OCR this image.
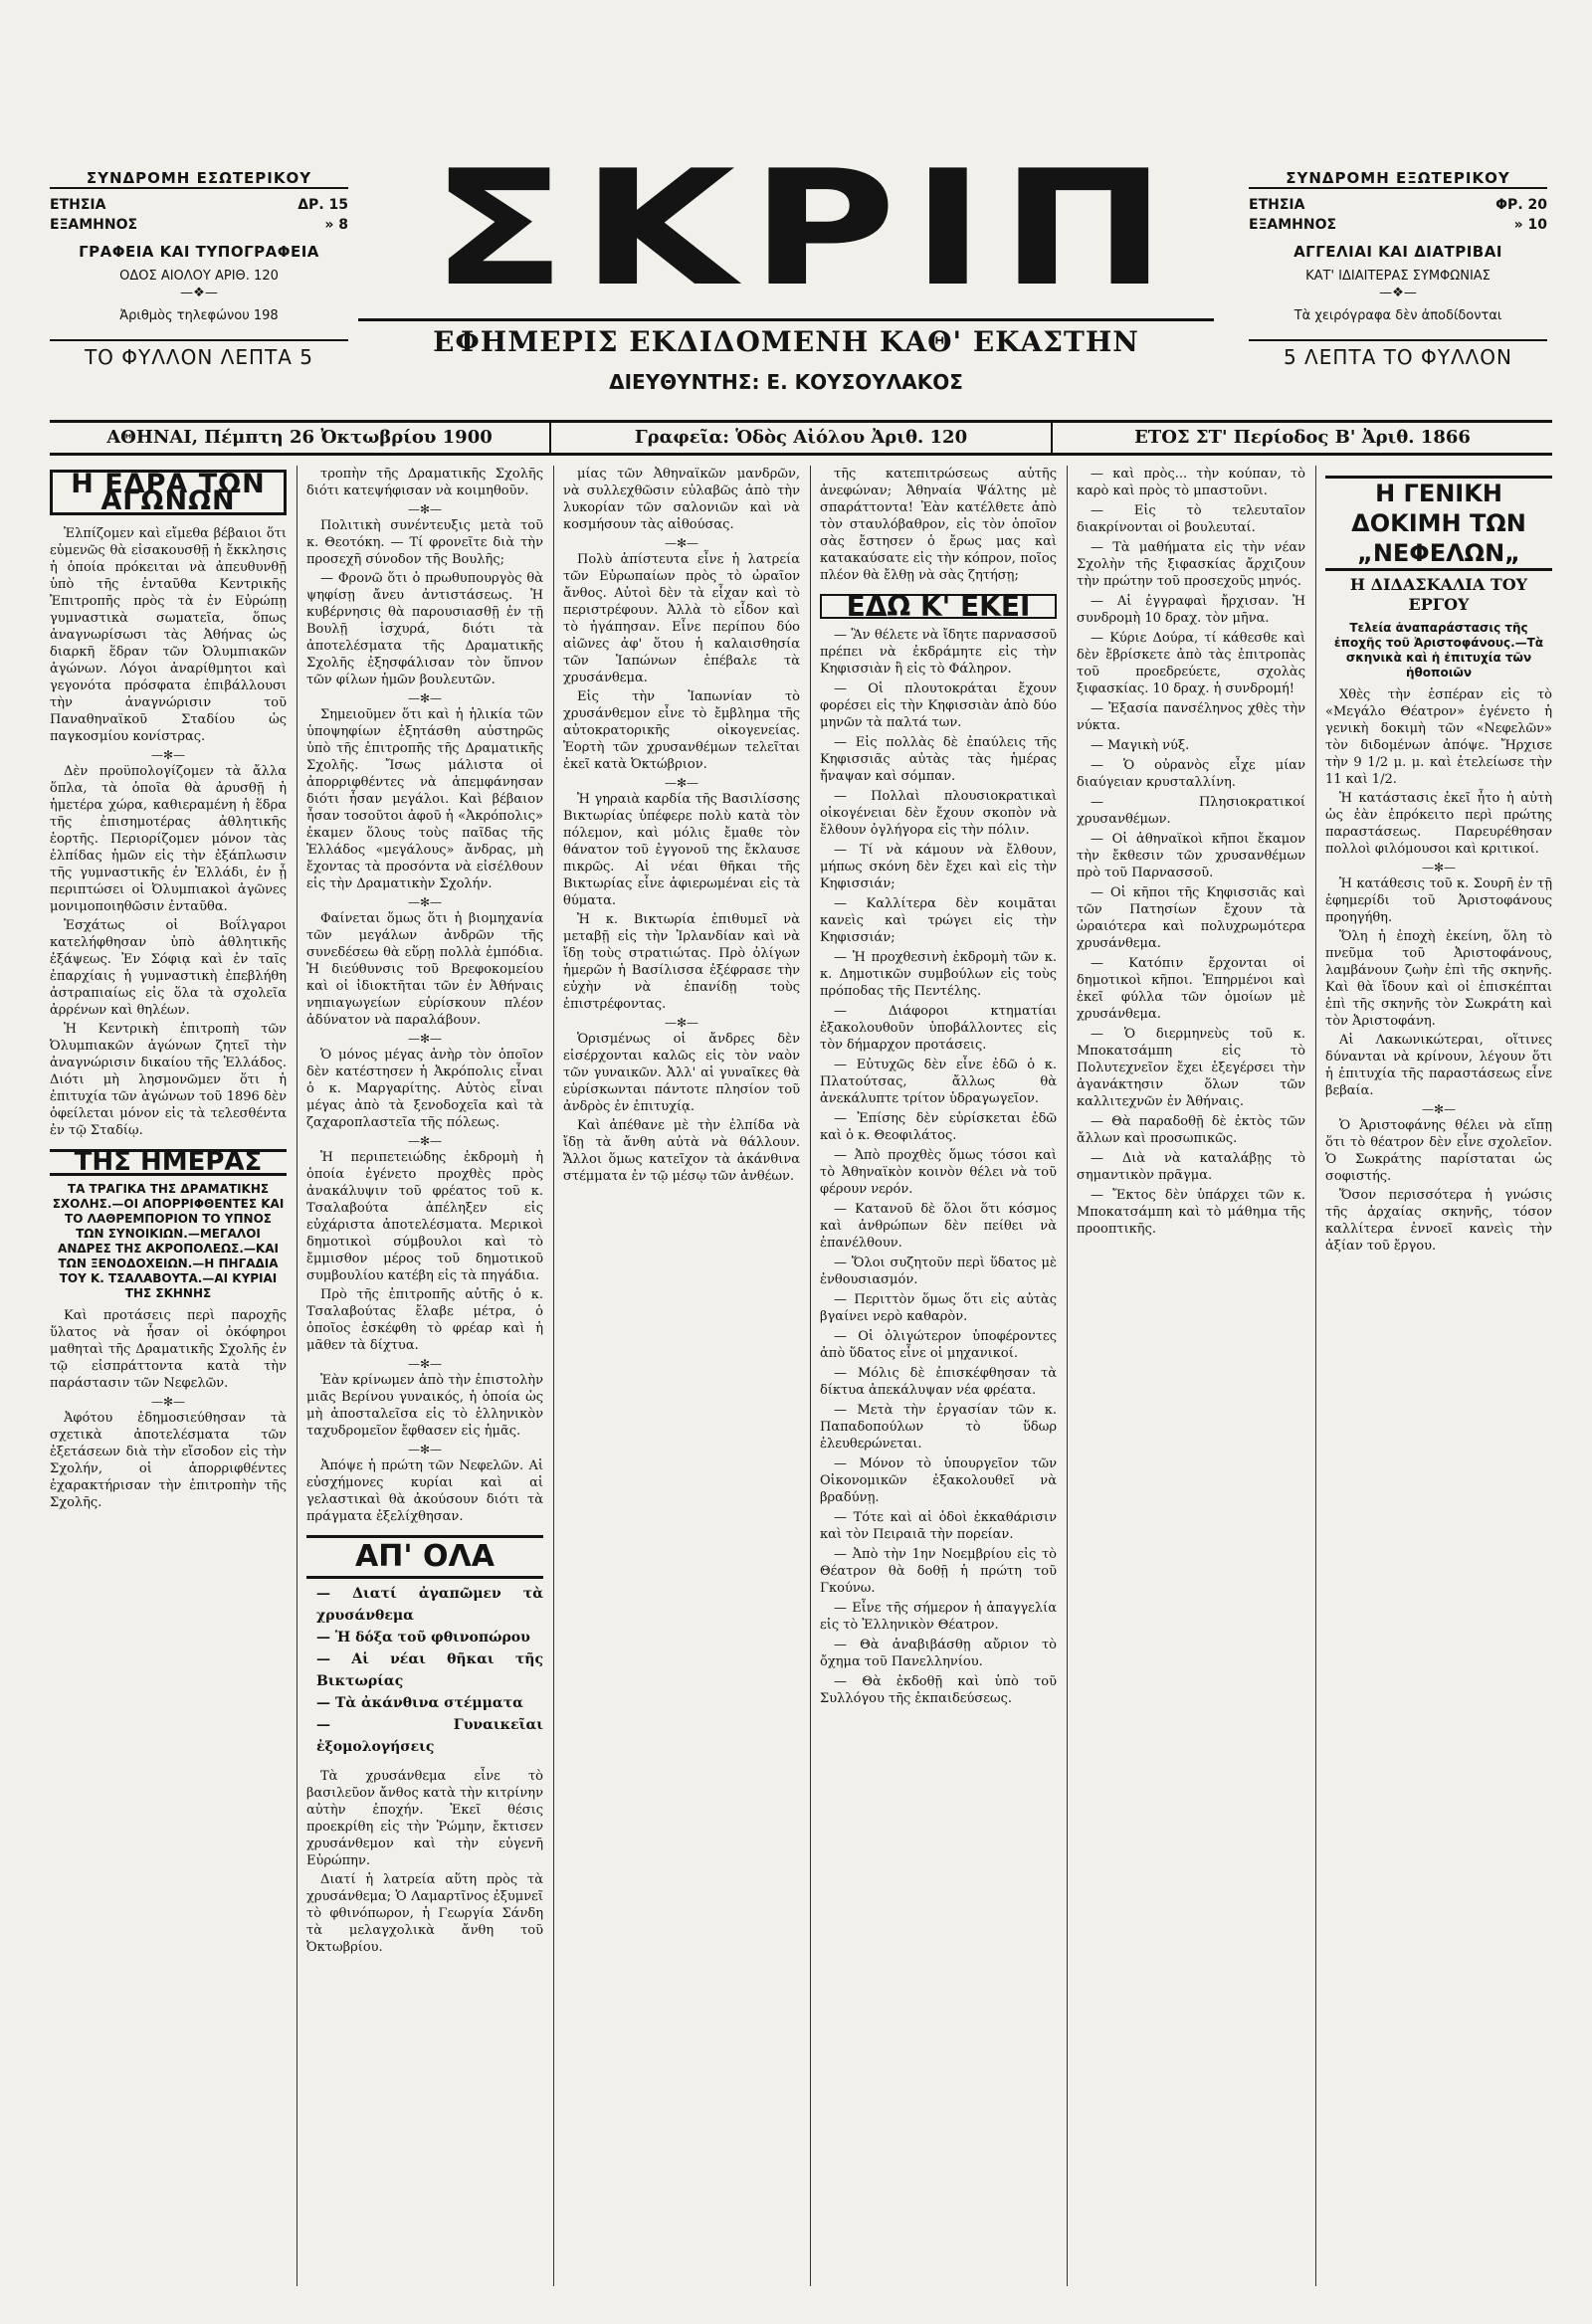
ΣΥΝΔΡΟΜΗ ΕΣΩΤΕΡΙΚΟΥ
ΕΤΗΣΙΑ	ΔΡ. 15
ΕΞΑΜΗΝΟΣ	» 8
ΓΡΑΦΕΙΑ ΚΑΙ ΤΥΠΟΓΡΑΦΕΙΑ
ΟΔΟΣ ΑΙΟΛΟΥ ΑΡΙΘ. 120
—❖—
Ἀριθμὸς τηλεφώνου 198
ΤΟ ΦΥΛΛΟΝ ΛΕΠΤΑ 5
ΣΚΡΙΠ
ΕΦΗΜΕΡΙΣ ΕΚΔΙΔΟΜΕΝΗ ΚΑΘ' ΕΚΑΣΤΗΝ
ΔΙΕΥΘΥΝΤΗΣ: Ε. ΚΟΥΣΟΥΛΑΚΟΣ
ΣΥΝΔΡΟΜΗ ΕΞΩΤΕΡΙΚΟΥ
ΕΤΗΣΙΑ	ΦΡ. 20
ΕΞΑΜΗΝΟΣ	» 10
ΑΓΓΕΛΙΑΙ ΚΑΙ ΔΙΑΤΡΙΒΑΙ
ΚΑΤ' ΙΔΙΑΙΤΕΡΑΣ ΣΥΜΦΩΝΙΑΣ
—❖—
Τὰ χειρόγραφα δὲν ἀποδίδονται
5 ΛΕΠΤΑ ΤΟ ΦΥΛΛΟΝ
ΑΘΗΝΑΙ, Πέμπτη 26 Ὀκτωβρίου 1900	Γραφεῖα: Ὁδὸς Αἰόλου Ἀριθ. 120	ΕΤΟΣ ΣΤ' Περίοδος Β' Ἀριθ. 1866
Η ΕΔΡΑ ΤΩΝ ΑΓΩΝΩΝ

Ἐλπίζομεν καὶ εἴμεθα βέβαιοι ὅτι εὑμενῶς θὰ εἰσακουσθῇ ἡ ἔκκλησις ἡ ὁποία πρόκειται νὰ ἀπευθυνθῇ ὑπὸ τῆς ἐνταῦθα Κεντρικῆς Ἐπιτροπῆς πρὸς τὰ ἐν Εὐρώπῃ γυμναστικὰ σωματεῖα, ὅπως ἀναγνωρίσωσι τὰς Ἀθήνας ὡς διαρκῆ ἕδραν τῶν Ὀλυμπιακῶν ἀγώνων. Λόγοι ἀναρίθμητοι καὶ γεγονότα πρόσφατα ἐπιβάλλουσι τὴν ἀναγνώρισιν τοῦ Παναθηναϊκοῦ Σταδίου ὡς παγκοσμίου κονίστρας.

—✻—

Δὲν προϋπολογίζομεν τὰ ἄλλα ὅπλα, τὰ ὁποῖα θὰ ἀρυσθῇ ἡ ἡμετέρα χώρα, καθιεραμένη ἡ ἕδρα τῆς ἐπισημοτέρας ἀθλητικῆς ἑορτῆς. Περιορίζομεν μόνον τὰς ἐλπίδας ἡμῶν εἰς τὴν ἐξάπλωσιν τῆς γυμναστικῆς ἐν Ἑλλάδι, ἐν ᾗ περιπτώσει οἱ Ὀλυμπιακοὶ ἀγῶνες μονιμοποιηθῶσιν ἐνταῦθα.

Ἐσχάτως οἱ Βοΐλγαροι κατελήφθησαν ὑπὸ ἀθλητικῆς ἐξάψεως. Ἐν Σόφιᾳ καὶ ἐν ταῖς ἐπαρχίαις ἡ γυμναστικὴ ἐπεβλήθη ἀστραπιαίως εἰς ὅλα τὰ σχολεῖα ἀρρένων καὶ θηλέων.

Ἡ Κεντρικὴ ἐπιτροπὴ τῶν Ὀλυμπιακῶν ἀγώνων ζητεῖ τὴν ἀναγνώρισιν δικαίου τῆς Ἑλλάδος. Διότι μὴ λησμονῶμεν ὅτι ἡ ἐπιτυχία τῶν ἀγώνων τοῦ 1896 δὲν ὀφείλεται μόνον εἰς τὰ τελεσθέντα ἐν τῷ Σταδίῳ.

ΤΗΣ ΗΜΕΡΑΣ
ΤΑ ΤΡΑΓΙΚΑ ΤΗΣ ΔΡΑΜΑΤΙΚΗΣ ΣΧΟΛΗΣ.—ΟΙ ΑΠΟΡΡΙΦΘΕΝΤΕΣ ΚΑΙ ΤΟ ΛΑΘΡΕΜΠΟΡΙΟΝ ΤΟ ΥΠΝΟΣ ΤΩΝ ΣΥΝΟΙΚΙΩΝ.—ΜΕΓΑΛΟΙ ΑΝΔΡΕΣ ΤΗΣ ΑΚΡΟΠΟΛΕΩΣ.—ΚΑΙ ΤΩΝ ΞΕΝΟΔΟΧΕΙΩΝ.—Η ΠΗΓΑΔΙΑ ΤΟΥ Κ. ΤΣΑΛΑΒΟΥΤΑ.—ΑΙ ΚΥΡΙΑΙ ΤΗΣ ΣΚΗΝΗΣ

Καὶ προτάσεις περὶ παροχῆς ὕλατος νὰ ἦσαν οἱ ὀκόφηροι μαθηταὶ τῆς Δραματικῆς Σχολῆς ἐν τῷ εἰσπράττοντα κατὰ τὴν παράστασιν τῶν Νεφελῶν.

—✻—

Ἀφότου ἐδημοσιεύθησαν τὰ σχετικὰ ἀποτελέσματα τῶν ἐξετάσεων διὰ τὴν εἴσοδον εἰς τὴν Σχολήν, οἱ ἀπορριφθέντες ἐχαρακτήρισαν τὴν ἐπιτροπὴν τῆς Σχολῆς.

τροπὴν τῆς Δραματικῆς Σχολῆς διότι κατεψήφισαν νὰ κοιμηθοῦν.

—✻—

Πολιτικὴ συνέντευξις μετὰ τοῦ κ. Θεοτόκη. — Τί φρονεῖτε διὰ τὴν προσεχῆ σύνοδον τῆς Βουλῆς;

— Φρονῶ ὅτι ὁ πρωθυπουργὸς θὰ ψηφίσῃ ἄνευ ἀντιστάσεως. Ἡ κυβέρνησις θὰ παρουσιασθῇ ἐν τῇ Βουλῇ ἰσχυρά, διότι τὰ ἀποτελέσματα τῆς Δραματικῆς Σχολῆς ἐξησφάλισαν τὸν ὕπνον τῶν φίλων ἡμῶν βουλευτῶν.

—✻—

Σημειοῦμεν ὅτι καὶ ἡ ἡλικία τῶν ὑποψηφίων ἐξητάσθη αὐστηρῶς ὑπὸ τῆς ἐπιτροπῆς τῆς Δραματικῆς Σχολῆς. Ἴσως μάλιστα οἱ ἀπορριφθέντες νὰ ἀπεμφάνησαν διότι ἦσαν μεγάλοι. Καὶ βέβαιον ἦσαν τοσοῦτοι ἀφοῦ ἡ «Ἀκρόπολις» ἐκαμεν ὅλους τοὺς παῖδας τῆς Ἑλλάδος «μεγάλους» ἄνδρας, μὴ ἔχοντας τὰ προσόντα νὰ εἰσέλθουν εἰς τὴν Δραματικὴν Σχολήν.

—✻—

Φαίνεται ὅμως ὅτι ἡ βιομηχανία τῶν μεγάλων ἀνδρῶν τῆς συνεδέσεω θὰ εὕρῃ πολλὰ ἐμπόδια. Ἡ διεύθυνσις τοῦ Βρεφοκομείου καὶ οἱ ἰδιοκτῆται τῶν ἐν Ἀθήναις νηπιαγωγείων εὑρίσκουν πλέον ἀδύνατον νὰ παραλάβουν.

—✻—

Ὁ μόνος μέγας ἀνὴρ τὸν ὁποῖον δὲν κατέστησεν ἡ Ἀκρόπολις εἶναι ὁ κ. Μαργαρίτης. Αὐτὸς εἶναι μέγας ἀπὸ τὰ ξενοδοχεῖα καὶ τὰ ζαχαροπλαστεῖα τῆς πόλεως.

—✻—

Ἡ περιπετειώδης ἐκδρομὴ ἡ ὁποία ἐγένετο προχθὲς πρὸς ἀνακάλυψιν τοῦ φρέατος τοῦ κ. Τσαλαβούτα ἀπέληξεν εἰς εὐχάριστα ἀποτελέσματα. Μερικοὶ δημοτικοὶ σύμβουλοι καὶ τὸ ἔμμισθον μέρος τοῦ δημοτικοῦ συμβουλίου κατέβη εἰς τὰ πηγάδια.

Πρὸ τῆς ἐπιτροπῆς αὐτῆς ὁ κ. Τσαλαβούτας ἔλαβε μέτρα, ὁ ὁποῖος ἐσκέφθη τὸ φρέαρ καὶ ἡ μᾶθεν τὰ δίχτυα.

—✻—

Ἐὰν κρίνωμεν ἀπὸ τὴν ἐπιστολὴν μιᾶς Βερίνου γυναικός, ἡ ὁποία ὡς μὴ ἀποσταλεῖσα εἰς τὸ ἑλληνικὸν ταχυδρομεῖον ἔφθασεν εἰς ἡμᾶς.

—✻—

Ἀπόψε ἡ πρώτη τῶν Νεφελῶν. Αἱ εὐσχήμονες κυρίαι καὶ αἱ γελαστικαὶ θὰ ἀκούσουν διότι τὰ πράγματα ἐξελίχθησαν.

ΑΠ' ΟΛΑ
— Διατί ἀγαπῶμεν τὰ χρυσάνθεμα
— Ἡ δόξα τοῦ φθινοπώρου
— Αἱ νέαι θῆκαι τῆς Βικτωρίας
— Τὰ ἀκάνθινα στέμματα
— Γυναικεῖαι ἐξομολογήσεις

Τὰ χρυσάνθεμα εἶνε τὸ βασιλεῦον ἄνθος κατὰ τὴν κιτρίνην αὐτὴν ἐποχήν. Ἐκεῖ θέσις προεκρίθη εἰς τὴν Ῥώμην, ἔκτισεν χρυσάνθεμον καὶ τὴν εὐγενῆ Εὐρώπην.

Διατί ἡ λατρεία αὕτη πρὸς τὰ χρυσάνθεμα; Ὁ Λαμαρτῖνος ἐξυμνεῖ τὸ φθινόπωρον, ἡ Γεωργία Σάνδη τὰ μελαγχολικὰ ἄνθη τοῦ Ὀκτωβρίου.

μίας τῶν Ἀθηναϊκῶν μανδρῶν, νὰ συλλεχθῶσιν εὐλαβῶς ἀπὸ τὴν λυκορίαν τῶν σαλονιῶν καὶ νὰ κοσμήσουν τὰς αἰθούσας.

—✻—

Πολὺ ἀπίστευτα εἶνε ἡ λατρεία τῶν Εὐρωπαίων πρὸς τὸ ὡραῖον ἄνθος. Αὐτοὶ δὲν τὰ εἶχαν καὶ τὸ περιστρέφουν. Ἀλλὰ τὸ εἶδον καὶ τὸ ἠγάπησαν. Εἶνε περίπου δύο αἰῶνες ἀφ' ὅτου ἡ καλαισθησία τῶν Ἰαπώνων ἐπέβαλε τὰ χρυσάνθεμα.

Εἰς τὴν Ἰαπωνίαν τὸ χρυσάνθεμον εἶνε τὸ ἔμβλημα τῆς αὐτοκρατορικῆς οἰκογενείας. Ἑορτὴ τῶν χρυσανθέμων τελεῖται ἐκεῖ κατὰ Ὀκτώβριον.

—✻—

Ἡ γηραιὰ καρδία τῆς Βασιλίσσης Βικτωρίας ὑπέφερε πολὺ κατὰ τὸν πόλεμον, καὶ μόλις ἔμαθε τὸν θάνατον τοῦ ἐγγονοῦ της ἔκλαυσε πικρῶς. Αἱ νέαι θῆκαι τῆς Βικτωρίας εἶνε ἀφιερωμέναι εἰς τὰ θύματα.

Ἡ κ. Βικτωρία ἐπιθυμεῖ νὰ μεταβῇ εἰς τὴν Ἰρλανδίαν καὶ νὰ ἴδῃ τοὺς στρατιώτας. Πρὸ ὀλίγων ἡμερῶν ἡ Βασίλισσα ἐξέφρασε τὴν εὐχὴν νὰ ἐπανίδῃ τοὺς ἐπιστρέφοντας.

—✻—

Ὁρισμένως οἱ ἄνδρες δὲν εἰσέρχονται καλῶς εἰς τὸν ναὸν τῶν γυναικῶν. Ἀλλ' αἱ γυναῖκες θὰ εὑρίσκωνται πάντοτε πλησίον τοῦ ἀνδρὸς ἐν ἐπιτυχίᾳ.

Καὶ ἀπέθανε μὲ τὴν ἐλπίδα νὰ ἴδῃ τὰ ἄνθη αὐτὰ νὰ θάλλουν. Ἄλλοι ὅμως κατεῖχον τὰ ἀκάνθινα στέμματα ἐν τῷ μέσῳ τῶν ἀνθέων.

τῆς κατεπιτρώσεως αὐτῆς ἀνεφώναν; Ἀθηναία Ψάλτης μὲ σπαράττοντα! Ἐὰν κατέλθετε ἀπὸ τὸν σταυλόβαθρον, εἰς τὸν ὁποῖον σὰς ἔστησεν ὁ ἔρως μας καὶ κατακαύσατε εἰς τὴν κόπρον, ποῖος πλέον θὰ ἔλθῃ νὰ σὰς ζητήσῃ;

ΕΔΩ Κ' ΕΚΕΙ

— Ἂν θέλετε νὰ ἴδητε παρνασσοῦ πρέπει νὰ ἐκδράμητε εἰς τὴν Κηφισσιὰν ἢ εἰς τὸ Φάληρον.

— Οἱ πλουτοκράται ἔχουν φορέσει εἰς τὴν Κηφισσιὰν ἀπὸ δύο μηνῶν τὰ παλτά των.

— Εἰς πολλὰς δὲ ἐπαύλεις τῆς Κηφισσιᾶς αὐτὰς τὰς ἡμέρας ἤναψαν καὶ σόμπαν.

— Πολλαὶ πλουσιοκρατικαὶ οἰκογένειαι δὲν ἔχουν σκοπὸν νὰ ἔλθουν ὀγλήγορα εἰς τὴν πόλιν.

— Τί νὰ κάμουν νὰ ἔλθουν, μήπως σκόνη δὲν ἔχει καὶ εἰς τὴν Κηφισσιάν;

— Καλλίτερα δὲν κοιμᾶται κανεὶς καὶ τρώγει εἰς τὴν Κηφισσιάν;

— Ἡ προχθεσινὴ ἐκδρομὴ τῶν κ. κ. Δημοτικῶν συμβούλων εἰς τοὺς πρόποδας τῆς Πεντέλης.

— Διάφοροι κτηματίαι ἐξακολουθοῦν ὑποβάλλοντες εἰς τὸν δήμαρχον προτάσεις.

— Εὐτυχῶς δὲν εἶνε ἐδῶ ὁ κ. Πλατούτσας, ἄλλως θὰ ἀνεκάλυπτε τρίτον ὑδραγωγεῖον.

— Ἐπίσης δὲν εὑρίσκεται ἐδῶ καὶ ὁ κ. Θεοφιλάτος.

— Ἀπὸ προχθὲς ὅμως τόσοι καὶ τὸ Ἀθηναϊκὸν κοινὸν θέλει νὰ τοῦ φέρουν νερόν.

— Κατανοῦ δὲ ὅλοι ὅτι κόσμος καὶ ἀνθρώπων δὲν πείθει νὰ ἐπανέλθουν.

— Ὅλοι συζητοῦν περὶ ὕδατος μὲ ἐνθουσιασμόν.

— Περιττὸν ὅμως ὅτι εἰς αὐτὰς βγαίνει νερὸ καθαρὸν.

— Οἱ ὀλιγώτερον ὑποφέροντες ἀπὸ ὕδατος εἶνε οἱ μηχανικοί.

— Μόλις δὲ ἐπισκέφθησαν τὰ δίκτυα ἀπεκάλυψαν νέα φρέατα.

— Μετὰ τὴν ἐργασίαν τῶν κ. Παπαδοπούλων τὸ ὕδωρ ἐλευθερώνεται.

— Μόνον τὸ ὑπουργεῖον τῶν Οἰκονομικῶν ἐξακολουθεῖ νὰ βραδύνῃ.

— Τότε καὶ αἱ ὁδοὶ ἐκκαθάρισιν καὶ τὸν Πειραιᾶ τὴν πορείαν.

— Ἀπὸ τὴν 1ην Νοεμβρίου εἰς τὸ Θέατρον θὰ δοθῇ ἡ πρώτη τοῦ Γκούνω.

— Εἶνε τῆς σήμερον ἡ ἀπαγγελία εἰς τὸ Ἐλληνικὸν Θέατρον.

— Θὰ ἀναβιβάσθῃ αὔριον τὸ ὄχημα τοῦ Πανελληνίου.

— Θὰ ἐκδοθῇ καὶ ὑπὸ τοῦ Συλλόγου τῆς ἐκπαιδεύσεως.

— καὶ πρὸς... τὴν κούπαν, τὸ καρὸ καὶ πρὸς τὸ μπαστοῦνι.

— Εἰς τὸ τελευταῖον διακρίνονται οἱ βουλευταί.

— Τὰ μαθήματα εἰς τὴν νέαν Σχολὴν τῆς ξιφασκίας ἄρχιζουν τὴν πρώτην τοῦ προσεχοῦς μηνός.

— Αἱ ἐγγραφαὶ ἤρχισαν. Ἡ συνδρομὴ 10 δραχ. τὸν μῆνα.

— Κύριε Δούρα, τί κάθεσθε καὶ δὲν ἔβρίσκετε ἀπὸ τὰς ἐπιτροπὰς τοῦ προεδρεύετε, σχολὰς ξιφασκίας. 10 δραχ. ἡ συνδρομή!

— Ἐξασία πανσέληνος χθὲς τὴν νύκτα.

— Μαγικὴ νύξ.

— Ὁ οὐρανὸς εἶχε μίαν διαύγειαν κρυσταλλίνη.

— Πλησιοκρατικοί χρυσανθέμων.

— Οἱ ἀθηναϊκοὶ κῆποι ἔκαμον τὴν ἔκθεσιν τῶν χρυσανθέμων πρὸ τοῦ Παρνασσοῦ.

— Οἱ κῆποι τῆς Κηφισσιᾶς καὶ τῶν Πατησίων ἔχουν τὰ ὡραιότερα καὶ πολυχρωμότερα χρυσάνθεμα.

— Κατόπιν ἔρχονται οἱ δημοτικοὶ κῆποι. Ἐπηρμένοι καὶ ἐκεῖ φύλλα τῶν ὁμοίων μὲ χρυσάνθεμα.

— Ὁ διερμηνεὺς τοῦ κ. Μποκατσάμπη εἰς τὸ Πολυτεχνεῖον ἔχει ἐξεγέρσει τὴν ἀγανάκτησιν ὅλων τῶν καλλιτεχνῶν ἐν Ἀθήναις.

— Θὰ παραδοθῇ δὲ ἐκτὸς τῶν ἄλλων καὶ προσωπικῶς.

— Διὰ νὰ καταλάβῃς τὸ σημαντικὸν πρᾶγμα.

— Ἔκτος δὲν ὑπάρχει τῶν κ. Μποκατσάμπη καὶ τὸ μάθημα τῆς προοπτικῆς.

Η ΓΕΝΙΚΗ ΔΟΚΙΜΗ ΤΩΝ „ΝΕΦΕΛΩΝ„
Η ΔΙΔΑΣΚΑΛΙΑ ΤΟΥ ΕΡΓΟΥ
Τελεία ἀναπαράστασις τῆς ἐποχῆς τοῦ Ἀριστοφάνους.—Τὰ σκηνικὰ καὶ ἡ ἐπιτυχία τῶν ἠθοποιῶν

Χθὲς τὴν ἑσπέραν εἰς τὸ «Μεγάλο Θέατρον» ἐγένετο ἡ γενικὴ δοκιμὴ τῶν «Νεφελῶν» τὸν διδομένων ἀπόψε. Ἤρχισε τὴν 9 1/2 μ. μ. καὶ ἐτελείωσε τὴν 11 καὶ 1/2.

Ἡ κατάστασις ἐκεῖ ἦτο ἡ αὐτὴ ὡς ἐὰν ἐπρόκειτο περὶ πρώτης παραστάσεως. Παρευρέθησαν πολλοὶ φιλόμουσοι καὶ κριτικοί.

—✻—

Ἡ κατάθεσις τοῦ κ. Σουρῆ ἐν τῇ ἐφημερίδι τοῦ Ἀριστοφάνους προηγήθη.

Ὅλη ἡ ἐποχὴ ἐκείνη, ὅλη τὸ πνεῦμα τοῦ Ἀριστοφάνους, λαμβάνουν ζωὴν ἐπὶ τῆς σκηνῆς. Καὶ θὰ ἴδουν καὶ οἱ ἐπισκέπται ἐπὶ τῆς σκηνῆς τὸν Σωκράτη καὶ τὸν Ἀριστοφάνη.

Αἱ Λακωνικώτεραι, οἵτινες δύνανται νὰ κρίνουν, λέγουν ὅτι ἡ ἐπιτυχία τῆς παραστάσεως εἶνε βεβαία.

—✻—

Ὁ Ἀριστοφάνης θέλει νὰ εἴπῃ ὅτι τὸ θέατρον δὲν εἶνε σχολεῖον. Ὁ Σωκράτης παρίσταται ὡς σοφιστής.

Ὅσον περισσότερα ἡ γνώσις τῆς ἀρχαίας σκηνῆς, τόσον καλλίτερα ἐννοεῖ κανεὶς τὴν ἀξίαν τοῦ ἔργου.
